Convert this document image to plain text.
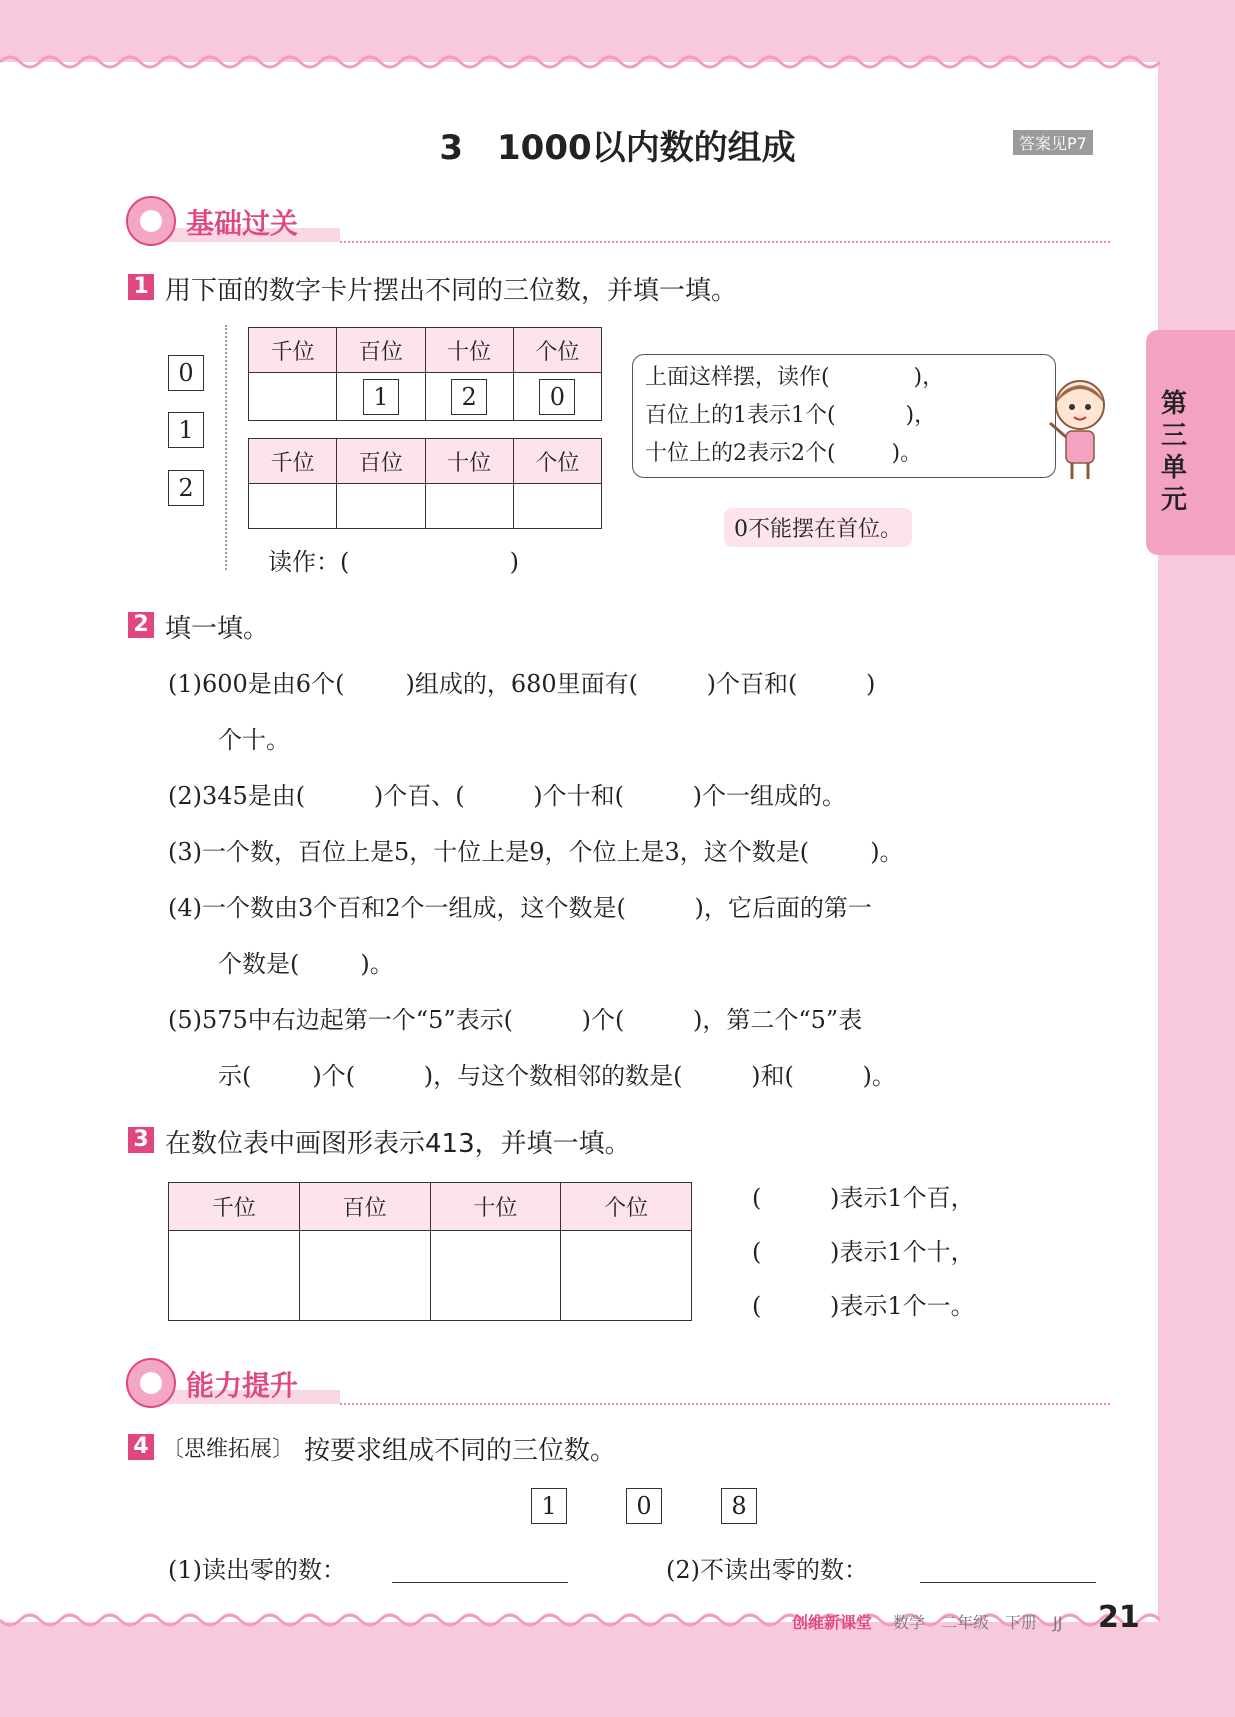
第三单元
3　1000以内数的组成	答案见P7
基础过关
1 用下面的数字卡片摆出不同的三位数，并填一填。
0
1
2
千位	百位	十位	个位
	1	2	0
千位	百位	十位	个位

读作：(                     )
上面这样摆，读作(            )，
百位上的1表示1个(          )，
十位上的2表示2个(        )。
0不能摆在首位。
2 填一填。
(1)600是由6个(        )组成的，680里面有(         )个百和(         )
个十。
(2)345是由(         )个百、(         )个十和(         )个一组成的。
(3)一个数，百位上是5，十位上是9，个位上是3，这个数是(        )。
(4)一个数由3个百和2个一组成，这个数是(         )，它后面的第一
个数是(        )。
(5)575中右边起第一个“5”表示(         )个(         )，第二个“5”表
示(        )个(         )，与这个数相邻的数是(         )和(         )。
3 在数位表中画图形表示413，并填一填。
千位	百位	十位	个位
				(         )表示1个百，
(         )表示1个十，
(         )表示1个一。
能力提升
4 〔思维拓展〕 按要求组成不同的三位数。
1	0	8
(1)读出零的数：	(2)不读出零的数：
创维新课堂 数学　二年级　下册　JJ 21
